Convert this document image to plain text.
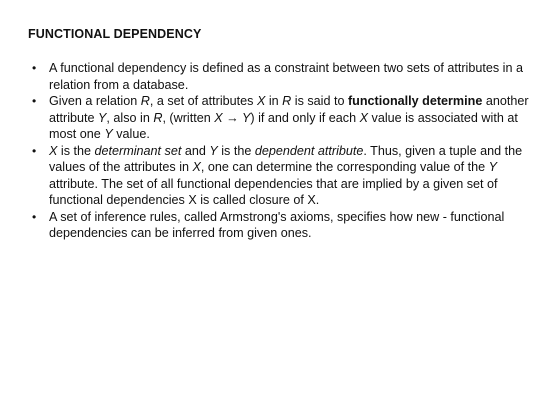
FUNCTIONAL DEPENDENCY
• A functional dependency is defined as a constraint between two sets of attributes in a relation from a database.
• Given a relation R, a set of attributes X in R is said to functionally determine another attribute Y, also in R, (written X → Y) if and only if each X value is associated with at most one Y value.
• X is the determinant set and Y is the dependent attribute. Thus, given a tuple and the values of the attributes in X, one can determine the corresponding value of the Y attribute. The set of all functional dependencies that are implied by a given set of functional dependencies X is called closure of X.
• A set of inference rules, called Armstrong's axioms, specifies how new - functional dependencies can be inferred from given ones.
